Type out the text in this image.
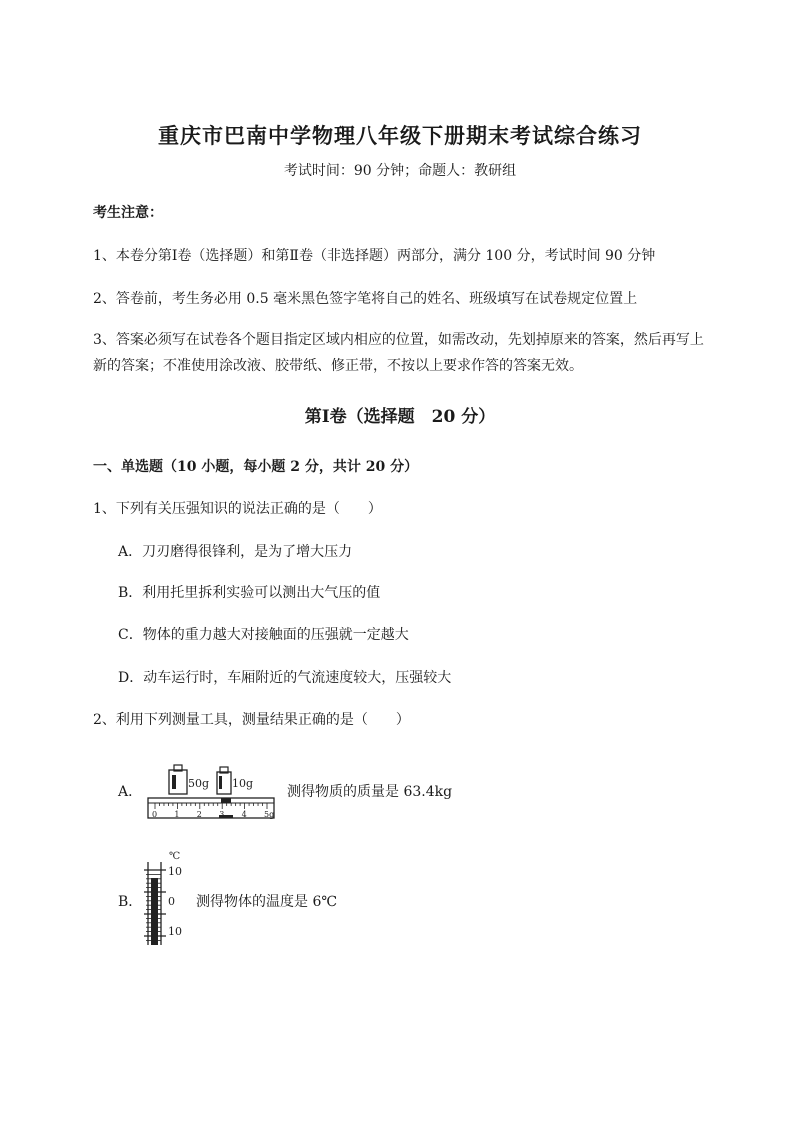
重庆市巴南中学物理八年级下册期末考试综合练习
考试时间：90 分钟；命题人：教研组
考生注意：
1、本卷分第Ⅰ卷（选择题）和第Ⅱ卷（非选择题）两部分，满分 100 分，考试时间 90 分钟
2、答卷前，考生务必用 0.5 毫米黑色签字笔将自己的姓名、班级填写在试卷规定位置上
3、答案必须写在试卷各个题目指定区域内相应的位置，如需改动，先划掉原来的答案，然后再写上新的答案；不准使用涂改液、胶带纸、修正带，不按以上要求作答的答案无效。
第Ⅰ卷（选择题　20 分）
一、单选题（10 小题，每小题 2 分，共计 20 分）
1、下列有关压强知识的说法正确的是（　　）
A．刀刃磨得很锋利，是为了增大压力
B．利用托里拆利实验可以测出大气压的值
C．物体的重力越大对接触面的压强就一定越大
D．动车运行时，车厢附近的气流速度较大，压强较大
2、利用下列测量工具，测量结果正确的是（　　）
A．
50g 10g
0 1 2 3 4 5g
测得物质的质量是 63.4kg
B．
℃
10
0
10
测得物体的温度是 6℃
